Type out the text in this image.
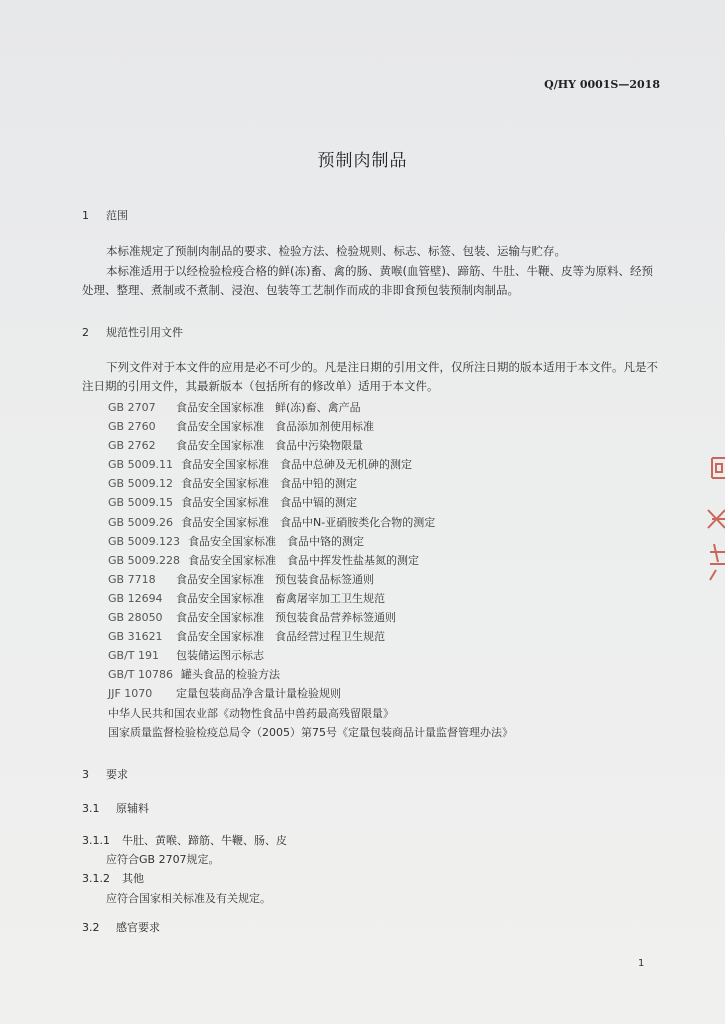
Q/HY 0001S—2018
预制肉制品
1 范围

本标准规定了预制肉制品的要求、检验方法、检验规则、标志、标签、包装、运输与贮存。

本标准适用于以经检验检疫合格的鲜(冻)畜、禽的肠、黄喉(血管壁)、蹄筋、牛肚、牛鞭、皮等为原料、经预处理、整理、煮制或不煮制、浸泡、包装等工艺制作而成的非即食预包装预制肉制品。

2 规范性引用文件

下列文件对于本文件的应用是必不可少的。凡是注日期的引用文件，仅所注日期的版本适用于本文件。凡是不注日期的引用文件，其最新版本（包括所有的修改单）适用于本文件。

GB 2707 食品安全国家标准　鲜(冻)畜、禽产品
GB 2760 食品安全国家标准　食品添加剂使用标准
GB 2762 食品安全国家标准　食品中污染物限量
GB 5009.11 食品安全国家标准　食品中总砷及无机砷的测定
GB 5009.12 食品安全国家标准　食品中铅的测定
GB 5009.15 食品安全国家标准　食品中镉的测定
GB 5009.26 食品安全国家标准　食品中N-亚硝胺类化合物的测定
GB 5009.123 食品安全国家标准　食品中铬的测定
GB 5009.228 食品安全国家标准　食品中挥发性盐基氮的测定
GB 7718 食品安全国家标准　预包装食品标签通则
GB 12694 食品安全国家标准　畜禽屠宰加工卫生规范
GB 28050 食品安全国家标准　预包装食品营养标签通则
GB 31621 食品安全国家标准　食品经营过程卫生规范
GB/T 191 包装储运图示标志
GB/T 10786 罐头食品的检验方法
JJF 1070 定量包装商品净含量计量检验规则
中华人民共和国农业部《动物性食品中兽药最高残留限量》
国家质量监督检验检疫总局令（2005）第75号《定量包装商品计量监督管理办法》
3 要求
3.1 原辅料
3.1.1 牛肚、黄喉、蹄筋、牛鞭、肠、皮
应符合GB 2707规定。
3.1.2 其他
应符合国家相关标准及有关规定。
3.2 感官要求
1
